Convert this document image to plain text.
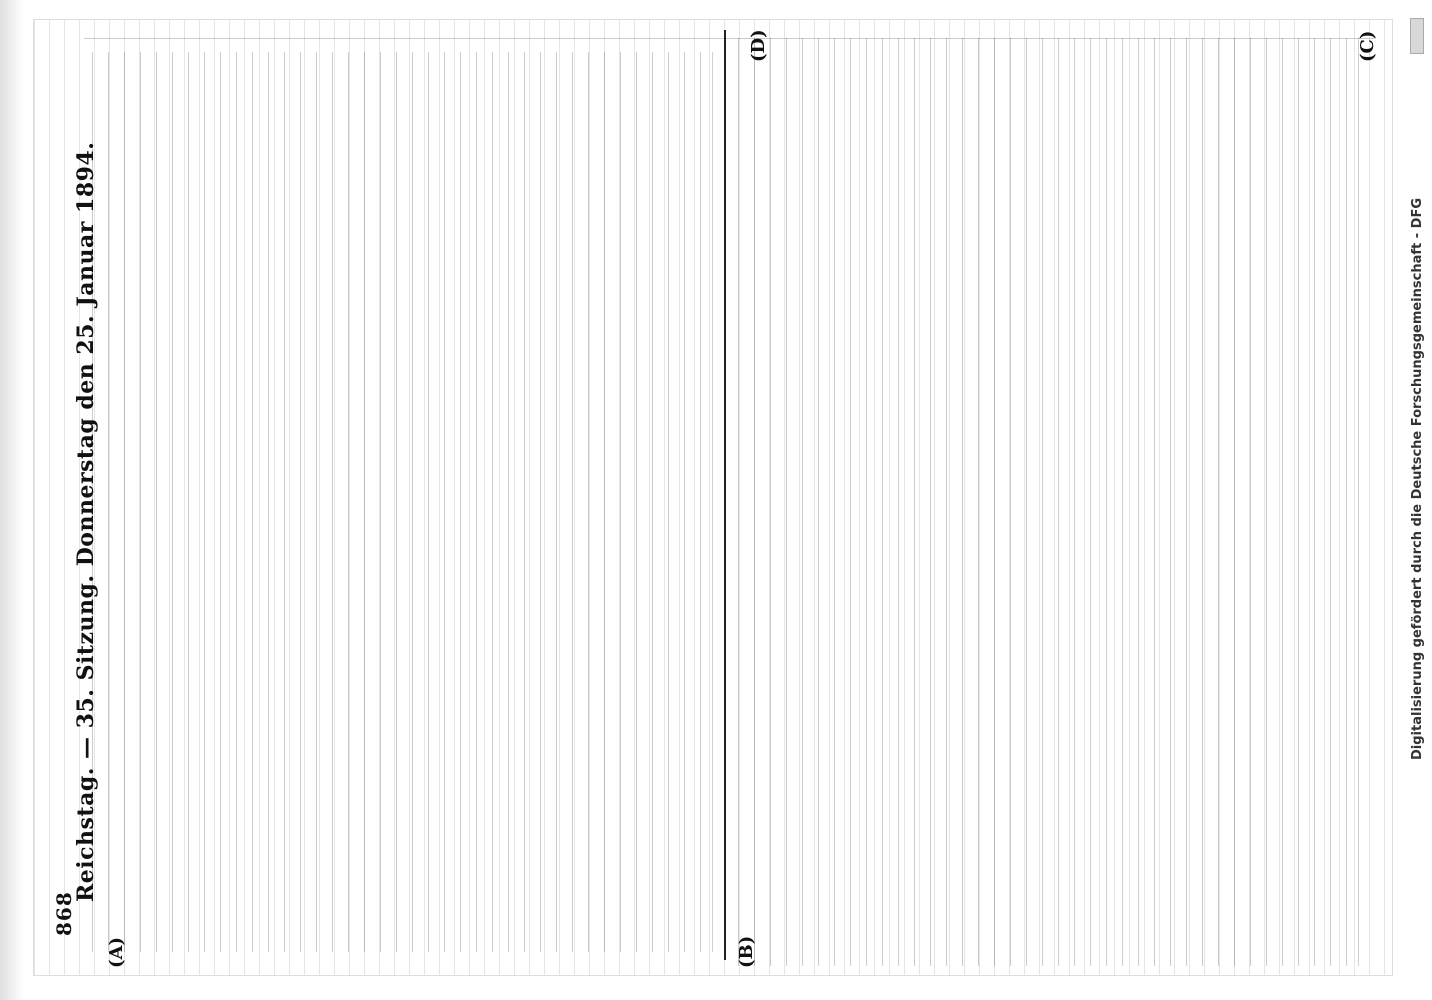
868
Reichstag. — 35. Sitzung. Donnerstag den 25. Januar 1894.
(A)	(B)
(C)
(D)
Digitalisierung gefördert durch die Deutsche Forschungsgemeinschaft - DFG
